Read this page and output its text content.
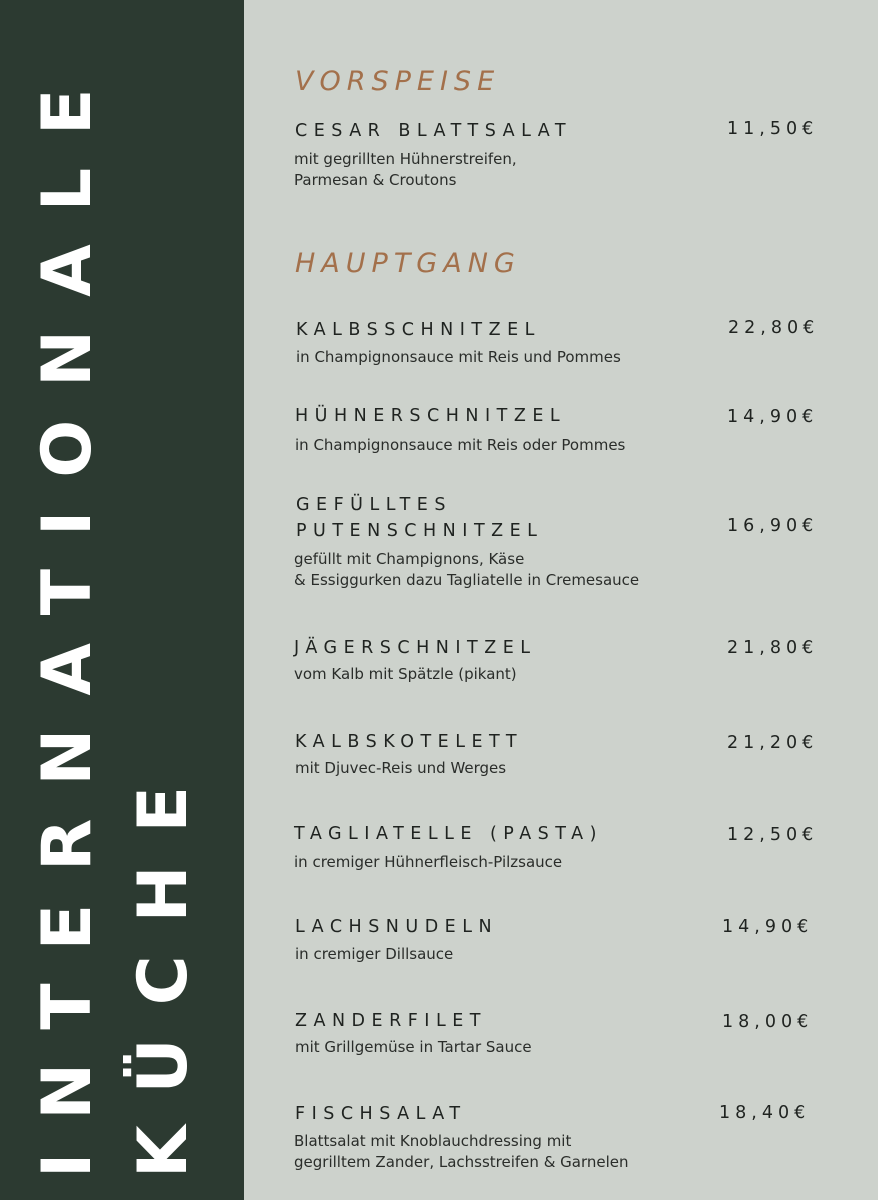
INTERNATIONALE KÜCHE
VORSPEISE
CESAR BLATTSALAT	11,50€
mit gegrillten Hühnerstreifen,
Parmesan & Croutons
HAUPTGANG
KALBSSCHNITZEL	22,80€
in Champignonsauce mit Reis und Pommes
HÜHNERSCHNITZEL	14,90€
in Champignonsauce mit Reis oder Pommes
GEFÜLLTES
PUTENSCHNITZEL	16,90€
gefüllt mit Champignons, Käse
& Essiggurken dazu Tagliatelle in Cremesauce
JÄGERSCHNITZEL	21,80€
vom Kalb mit Spätzle (pikant)
KALBSKOTELETT	21,20€
mit Djuvec-Reis und Werges
TAGLIATELLE (PASTA)	12,50€
in cremiger Hühnerfleisch-Pilzsauce
LACHSNUDELN	14,90€
in cremiger Dillsauce
ZANDERFILET	18,00€
mit Grillgemüse in Tartar Sauce
FISCHSALAT	18,40€
Blattsalat mit Knoblauchdressing mit
gegrilltem Zander, Lachsstreifen & Garnelen
